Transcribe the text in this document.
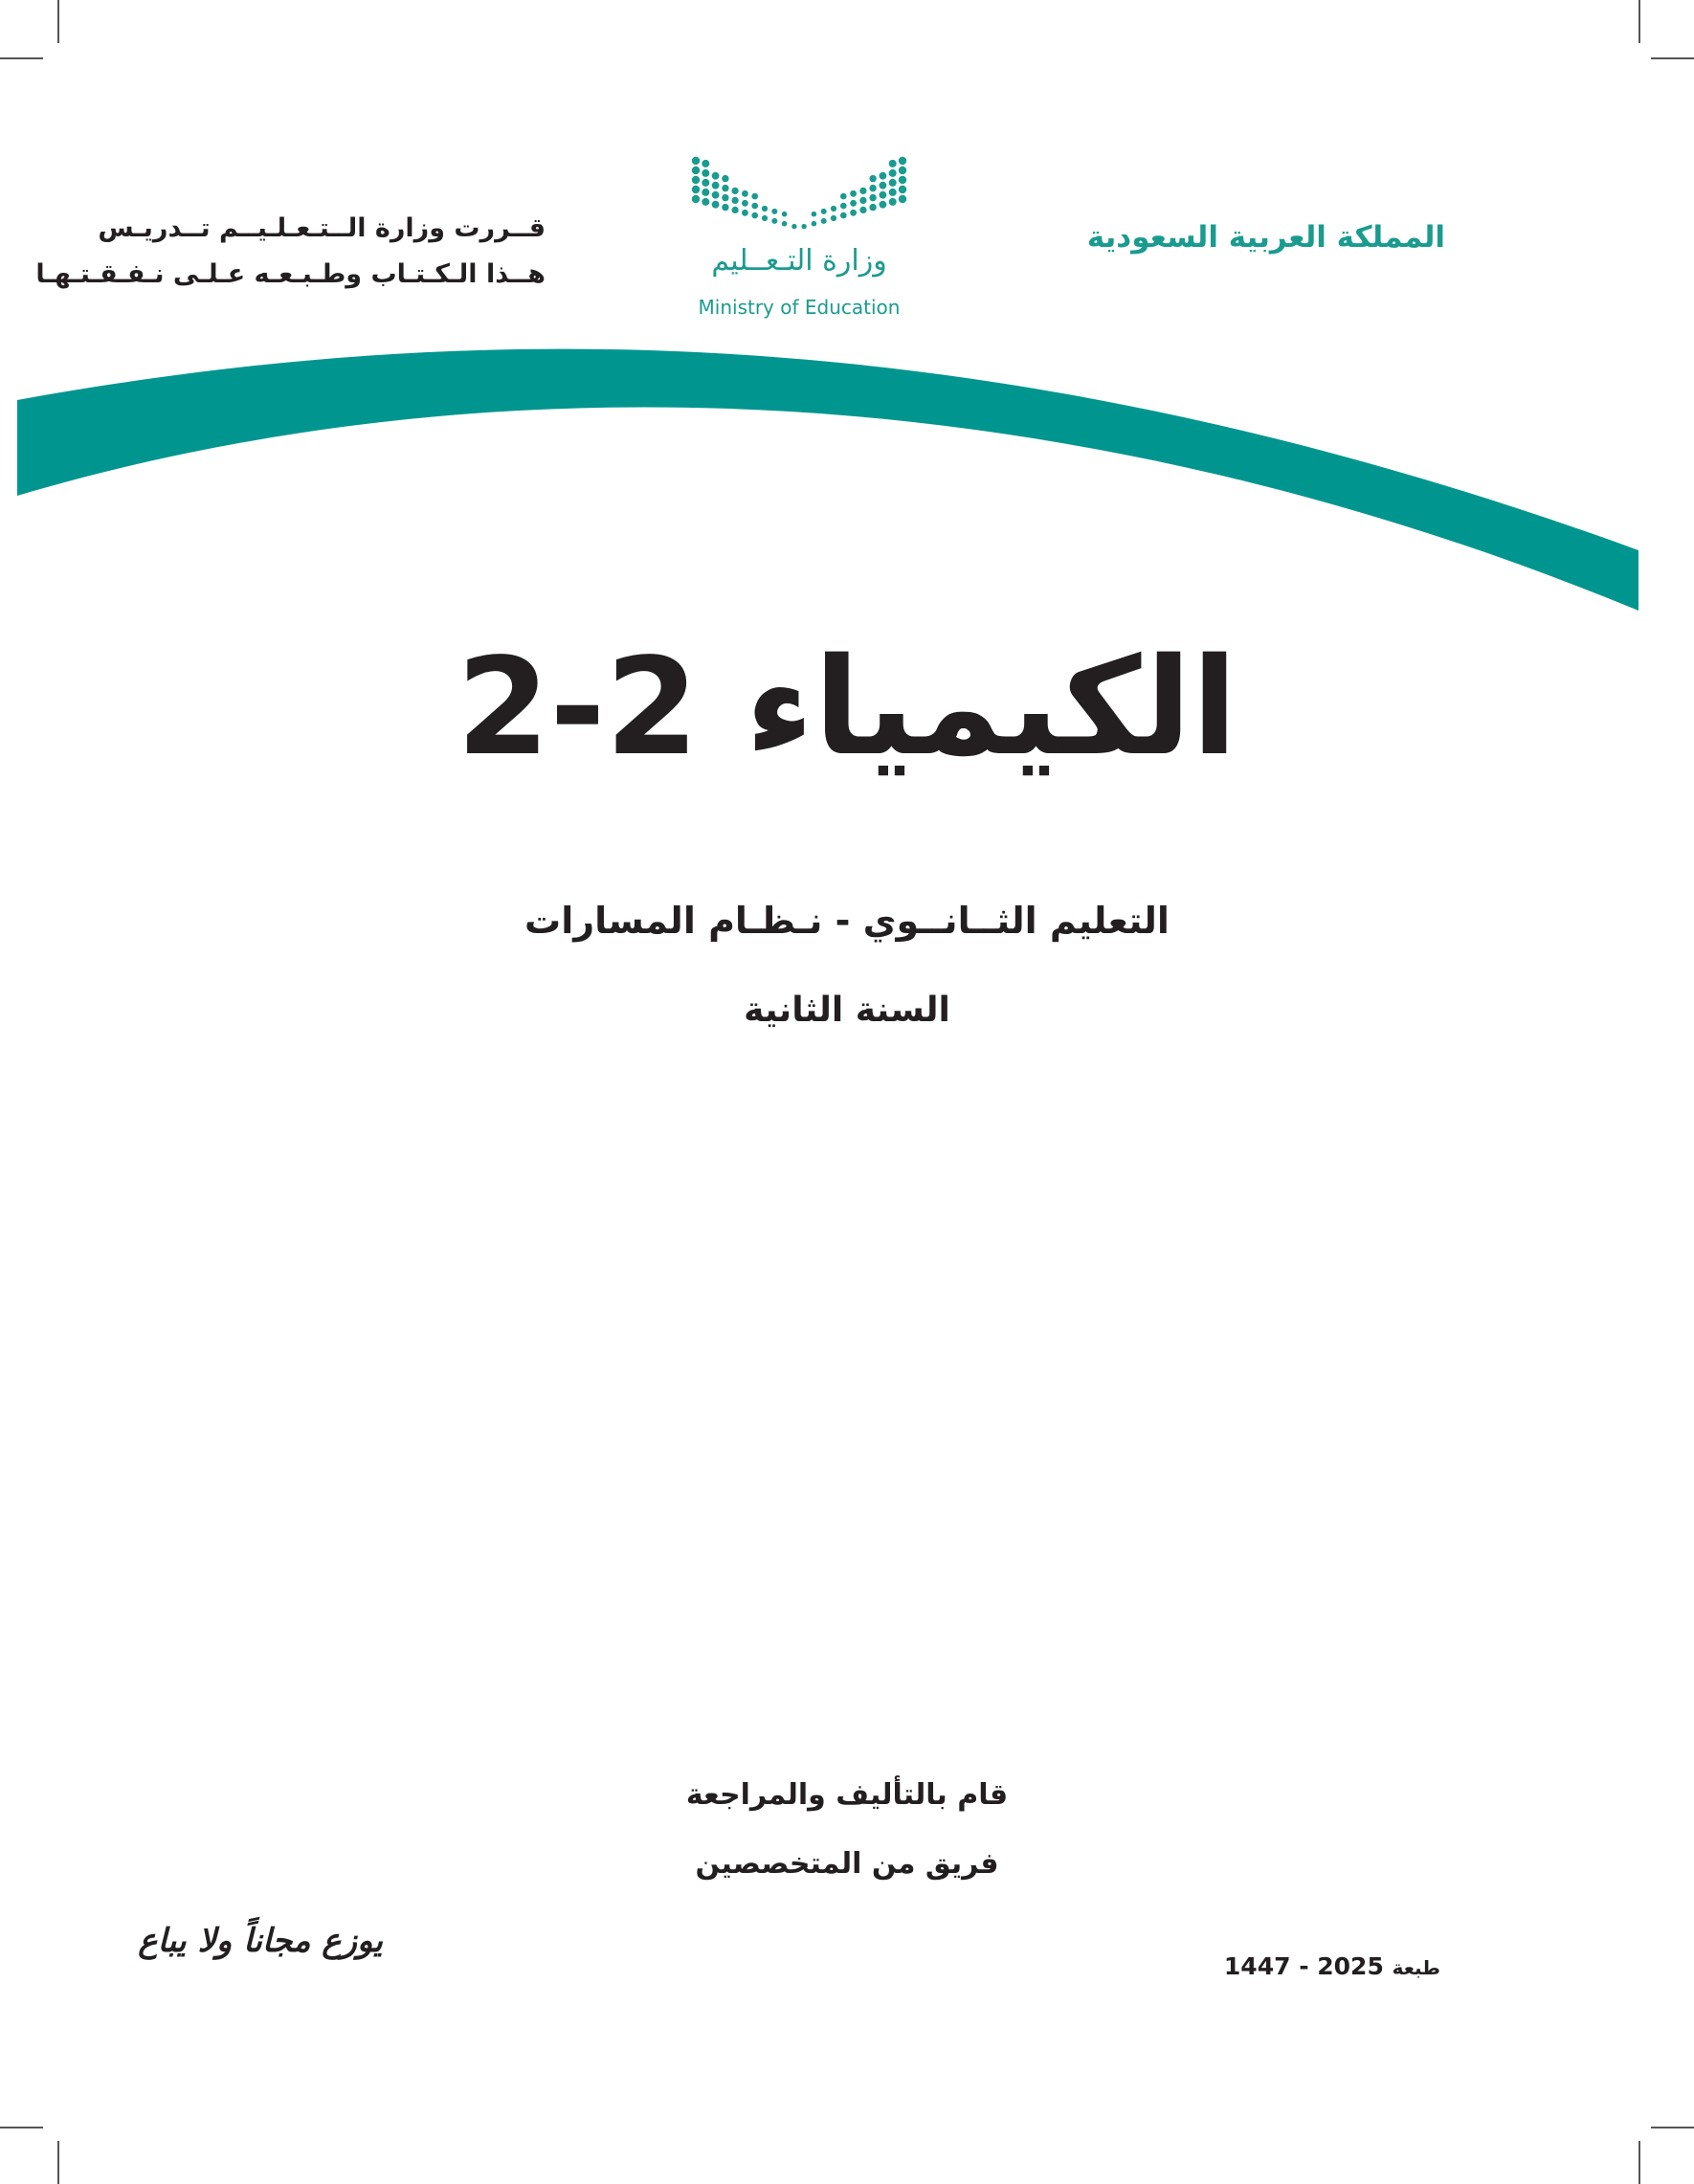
المملكة العربية السعودية
قــررت وزارة الــتـعـلـيــم تــدريـس
هــذا الـكـتـاب وطـبـعـه عـلـى نـفـقـتـهـا	وزارة التـعــليم
Ministry of Education
الكيمياء 2-2
التعليم الثــانــوي - نـظـام المسارات
السنة الثانية
قام بالتأليف والمراجعة
فريق من المتخصصين
طبعة 1447 - 2025
يوزع مجاناً ولا يباع
